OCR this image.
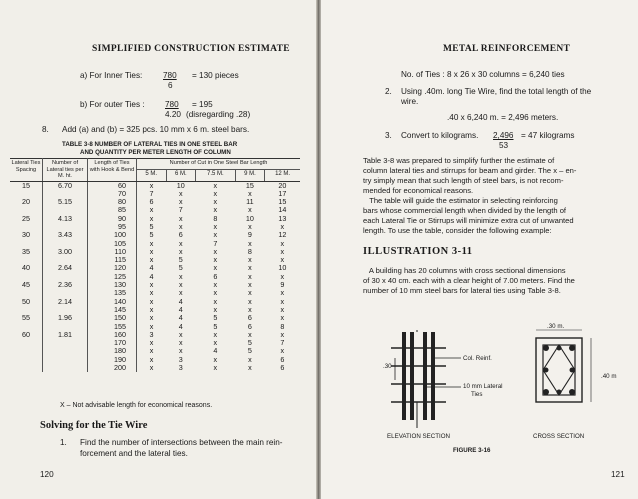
SIMPLIFIED CONSTRUCTION ESTIMATE
a) For Inner Ties:	780 = 130 pieces
6
b) For outer Ties : 780 = 195
4.20 (disregarding .28)
8. Add (a) and (b) = 325 pcs. 10 mm x 6 m. steel bars.
TABLE 3-8 NUMBER OF LATERAL TIES IN ONE STEEL BAR
AND QUANTITY PER METER LENGTH OF COLUMN
Lateral Ties Spacing	Number of Lateral ties per M. ht.	Length of Ties with Hook & Bend	Number of Cut in One Steel Bar Length				
			5 M.	6 M.	7.5 M.	9 M.	12 M.
15	6.70	60	x	10	x	15	20
		70	7	x	x	x	17
20	5.15	80	6	x	x	11	15
		85	x	7	x	x	14
25	4.13	90	x	x	8	10	13
		95	5	x	x	x	x
30	3.43	100	5	6	x	9	12
		105	x	x	7	x	x
35	3.00	110	x	x	x	8	x
		115	x	5	x	x	x
40	2.64	120	4	5	x	x	10
		125	4	x	6	x	x
45	2.36	130	x	x	x	x	9
		135	x	x	x	x	x
50	2.14	140	x	4	x	x	x
		145	x	4	x	x	x
55	1.96	150	x	4	5	6	x
		155	x	4	5	6	8
60	1.81	160	3	x	x	x	x
		170	x	x	x	5	7
		180	x	x	4	5	x
		190	x	3	x	x	6
		200	x	3	x	x	6
X – Not advisable length for economical reasons.
Solving for the Tie Wire
1. Find the number of intersections between the main rein-
forcement and the lateral ties.
120
METAL REINFORCEMENT
No. of Ties : 8 x 26 x 30 columns = 6,240 ties
2. Using .40m. long Tie Wire, find the total length of the
wire.
.40 x 6,240 m. = 2,496 meters.
3. Convert to kilograms. 2,496 = 47 kilograms
53
Table 3-8 was prepared to simplify further the estimate of
column lateral ties and stirrups for beam and girder. The x – en-
try simply mean that such length of steel bars, is not recom-
mended for economical reasons.
The table will guide the estimator in selecting reinforcing
bars whose commercial length when divided by the length of
each Lateral Tie or Stirrups will minimize extra cut of unwanted
length. To use the table, consider the following example:
ILLUSTRATION 3-11
A building has 20 columns with cross sectional dimensions
of 30 x 40 cm. each with a clear height of 7.00 meters. Find the
number of 10 mm steel bars for lateral ties using Table 3-8.
.30 m.
.30
.40 m
Col. Reinf.
10 mm Lateral
Ties
ELEVATION SECTION	CROSS SECTION
FIGURE 3-16
121
